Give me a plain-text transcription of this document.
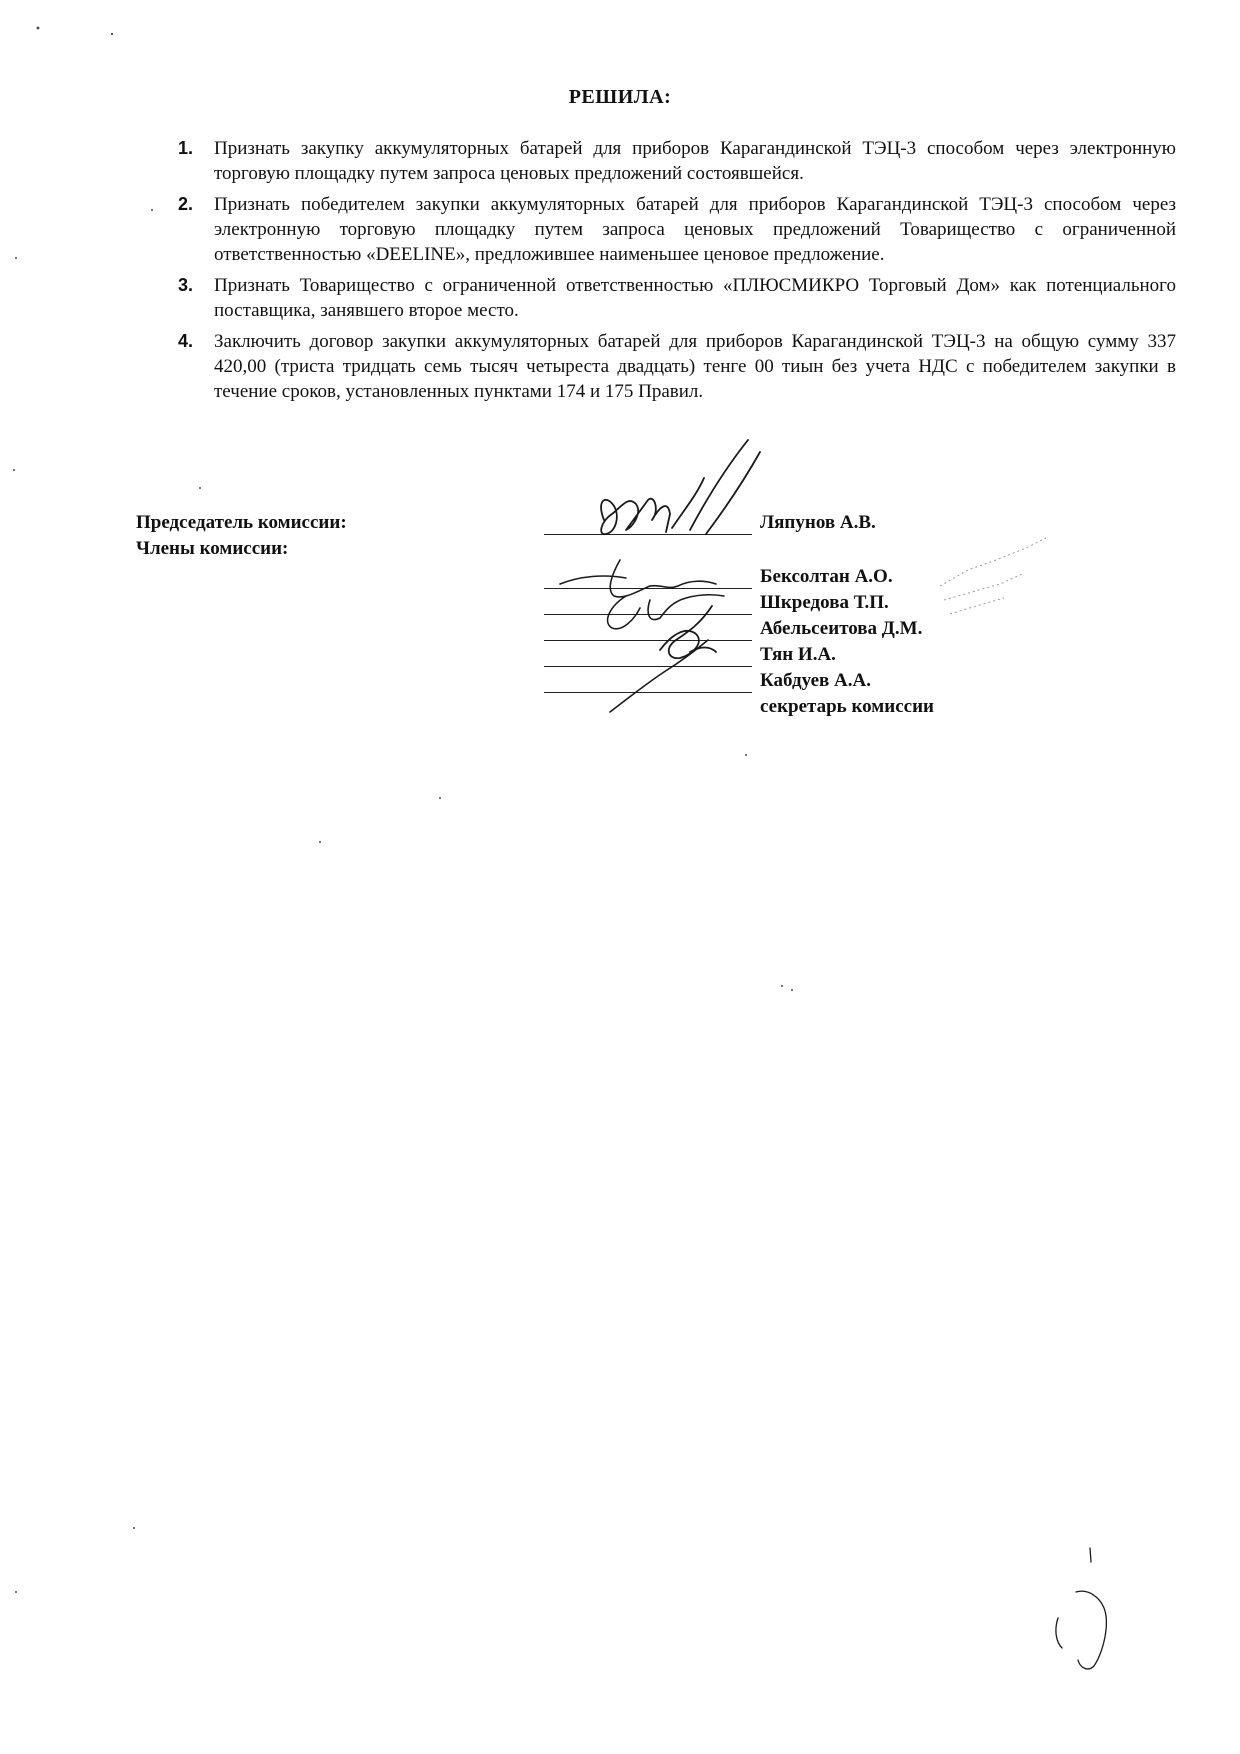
РЕШИЛА:
1. Признать закупку аккумуляторных батарей для приборов Карагандинской ТЭЦ-3 способом через электронную торговую площадку путем запроса ценовых предложений состоявшейся.
2. Признать победителем закупки аккумуляторных батарей для приборов Карагандинской ТЭЦ-3 способом через электронную торговую площадку путем запроса ценовых предложений Товарищество с ограниченной ответственностью «DEELINE», предложившее наименьшее ценовое предложение.
3. Признать Товарищество с ограниченной ответственностью «ПЛЮСМИКРО Торговый Дом» как потенциального поставщика, занявшего второе место.
4. Заключить договор закупки аккумуляторных батарей для приборов Карагандинской ТЭЦ-3 на общую сумму 337 420,00 (триста тридцать семь тысяч четыреста двадцать) тенге 00 тиын без учета НДС с победителем закупки в течение сроков, установленных пунктами 174 и 175 Правил.
Председатель комиссии:
Члены комиссии:
Ляпунов А.В.
Бексолтан А.О.
Шкредова Т.П.
Абельсеитова Д.М.
Тян И.А.
Кабдуев А.А.
секретарь комиссии
